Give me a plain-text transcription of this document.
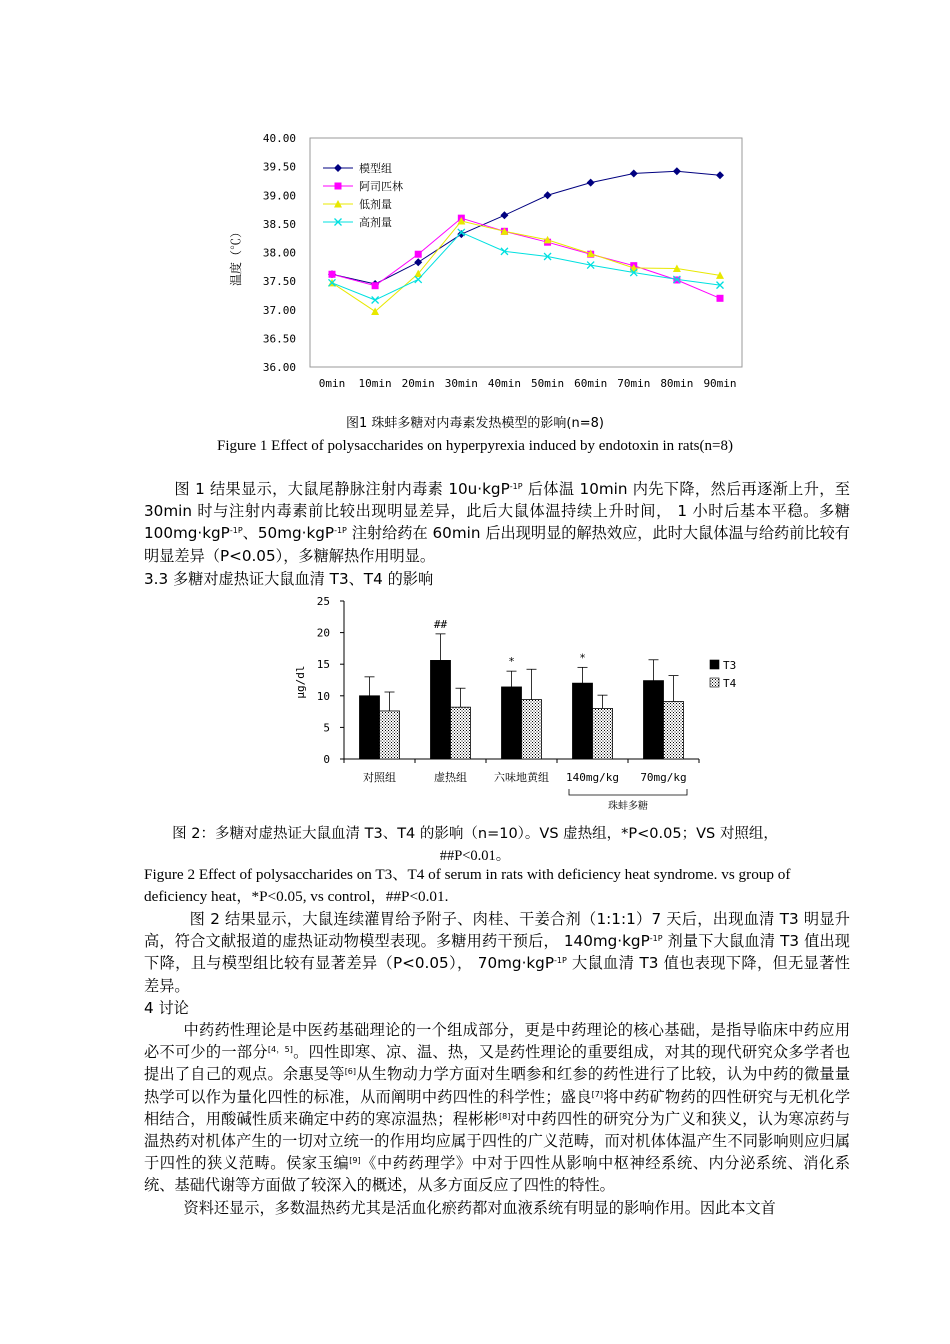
40.00
39.50
39.00
38.50
38.00
37.50
37.00
36.50
36.00
0min 10min 20min 30min 40min 50min 60min 70min 80min 90min
温度（℃）
模型组
阿司匹林
低剂量
高剂量
图1 珠蚌多糖对内毒素发热模型的影响(n=8)
Figure 1 Effect of polysaccharides on hyperpyrexia induced by endotoxin in rats(n=8)

图 1 结果显示，大鼠尾静脉注射内毒素 10u·kgP$^{-1P}$ 后体温 10min 内先下降，然后再逐渐上升，至 30min 时与注射内毒素前比较出现明显差异，此后大鼠体温持续上升时间， 1 小时后基本平稳。多糖 100mg·kgP$^{-1P}$、50mg·kgP$^{-1P}$ 注射给药在 60min 后出现明显的解热效应，此时大鼠体温与给药前比较有明显差异（P<0.05），多糖解热作用明显。

3.3 多糖对虚热证大鼠血清 T3、T4 的影响
25
20
15
10
5
0
##
*	*
对照组	虚热组 六味地黄组 140mg/kg 70mg/kg
μg/dl	T3
T4
珠蚌多糖
图 2：多糖对虚热证大鼠血清 T3、T4 的影响（n=10）。VS 虚热组，*P<0.05；VS 对照组，
##P<0.01。
Figure 2 Effect of polysaccharides on T3、T4 of serum in rats with deficiency heat syndrome. vs group of deficiency heat，*P<0.05, vs control，##P<0.01.

图 2 结果显示，大鼠连续灌胃给予附子、肉桂、干姜合剂（1:1:1）7 天后，出现血清 T3 明显升高，符合文献报道的虚热证动物模型表现。多糖用药干预后， 140mg·kgP$^{-1P}$ 剂量下大鼠血清 T3 值出现下降，且与模型组比较有显著差异（P<0.05）， 70mg·kgP$^{-1P}$ 大鼠血清 T3 值也表现下降，但无显著性差异。

4 讨论

中药药性理论是中医药基础理论的一个组成部分，更是中药理论的核心基础，是指导临床中药应用必不可少的一部分[4，5]。四性即寒、凉、温、热，又是药性理论的重要组成，对其的现代研究众多学者也提出了自己的观点。余惠旻等[6]从生物动力学方面对生晒参和红参的药性进行了比较，认为中药的微量量热学可以作为量化四性的标准，从而阐明中药四性的科学性；盛良[7]将中药矿物药的四性研究与无机化学相结合，用酸碱性质来确定中药的寒凉温热；程彬彬[8]对中药四性的研究分为广义和狭义，认为寒凉药与温热药对机体产生的一切对立统一的作用均应属于四性的广义范畴，而对机体体温产生不同影响则应归属于四性的狭义范畴。侯家玉编[9]《中药药理学》中对于四性从影响中枢神经系统、内分泌系统、消化系统、基础代谢等方面做了较深入的概述，从多方面反应了四性的特性。

资料还显示，多数温热药尤其是活血化瘀药都对血液系统有明显的影响作用。因此本文首
